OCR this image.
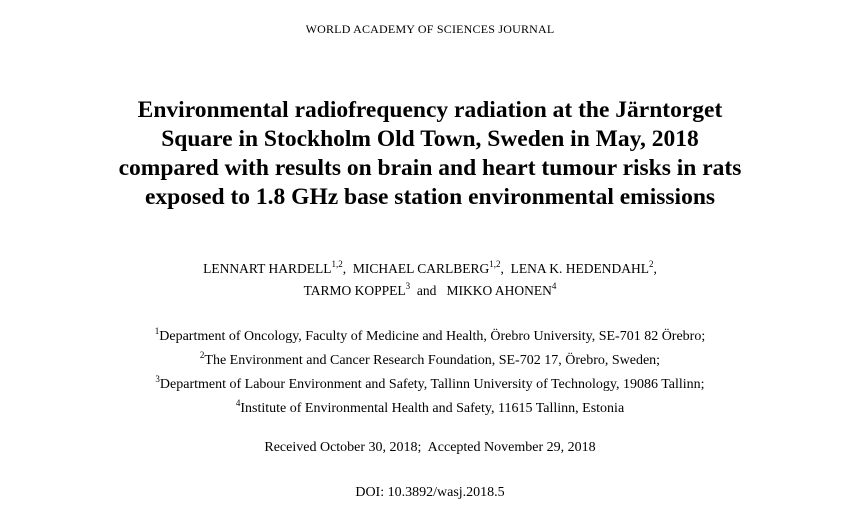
WORLD ACADEMY OF SCIENCES JOURNAL
Environmental radiofrequency radiation at the Järntorget
Square in Stockholm Old Town, Sweden in May, 2018
compared with results on brain and heart tumour risks in rats
exposed to 1.8 GHz base station environmental emissions
LENNART HARDELL$^{1,2}$, MICHAEL CARLBERG$^{1,2}$, LENA K. HEDENDAHL$^2$,
TARMO KOPPEL$^3$ and MIKKO AHONEN$^4$
$^1$Department of Oncology, Faculty of Medicine and Health, Örebro University, SE-701 82 Örebro;
$^2$The Environment and Cancer Research Foundation, SE-702 17, Örebro, Sweden;
$^3$Department of Labour Environment and Safety, Tallinn University of Technology, 19086 Tallinn;
$^4$Institute of Environmental Health and Safety, 11615 Tallinn, Estonia
Received October 30, 2018;  Accepted November 29, 2018
DOI: 10.3892/wasj.2018.5
